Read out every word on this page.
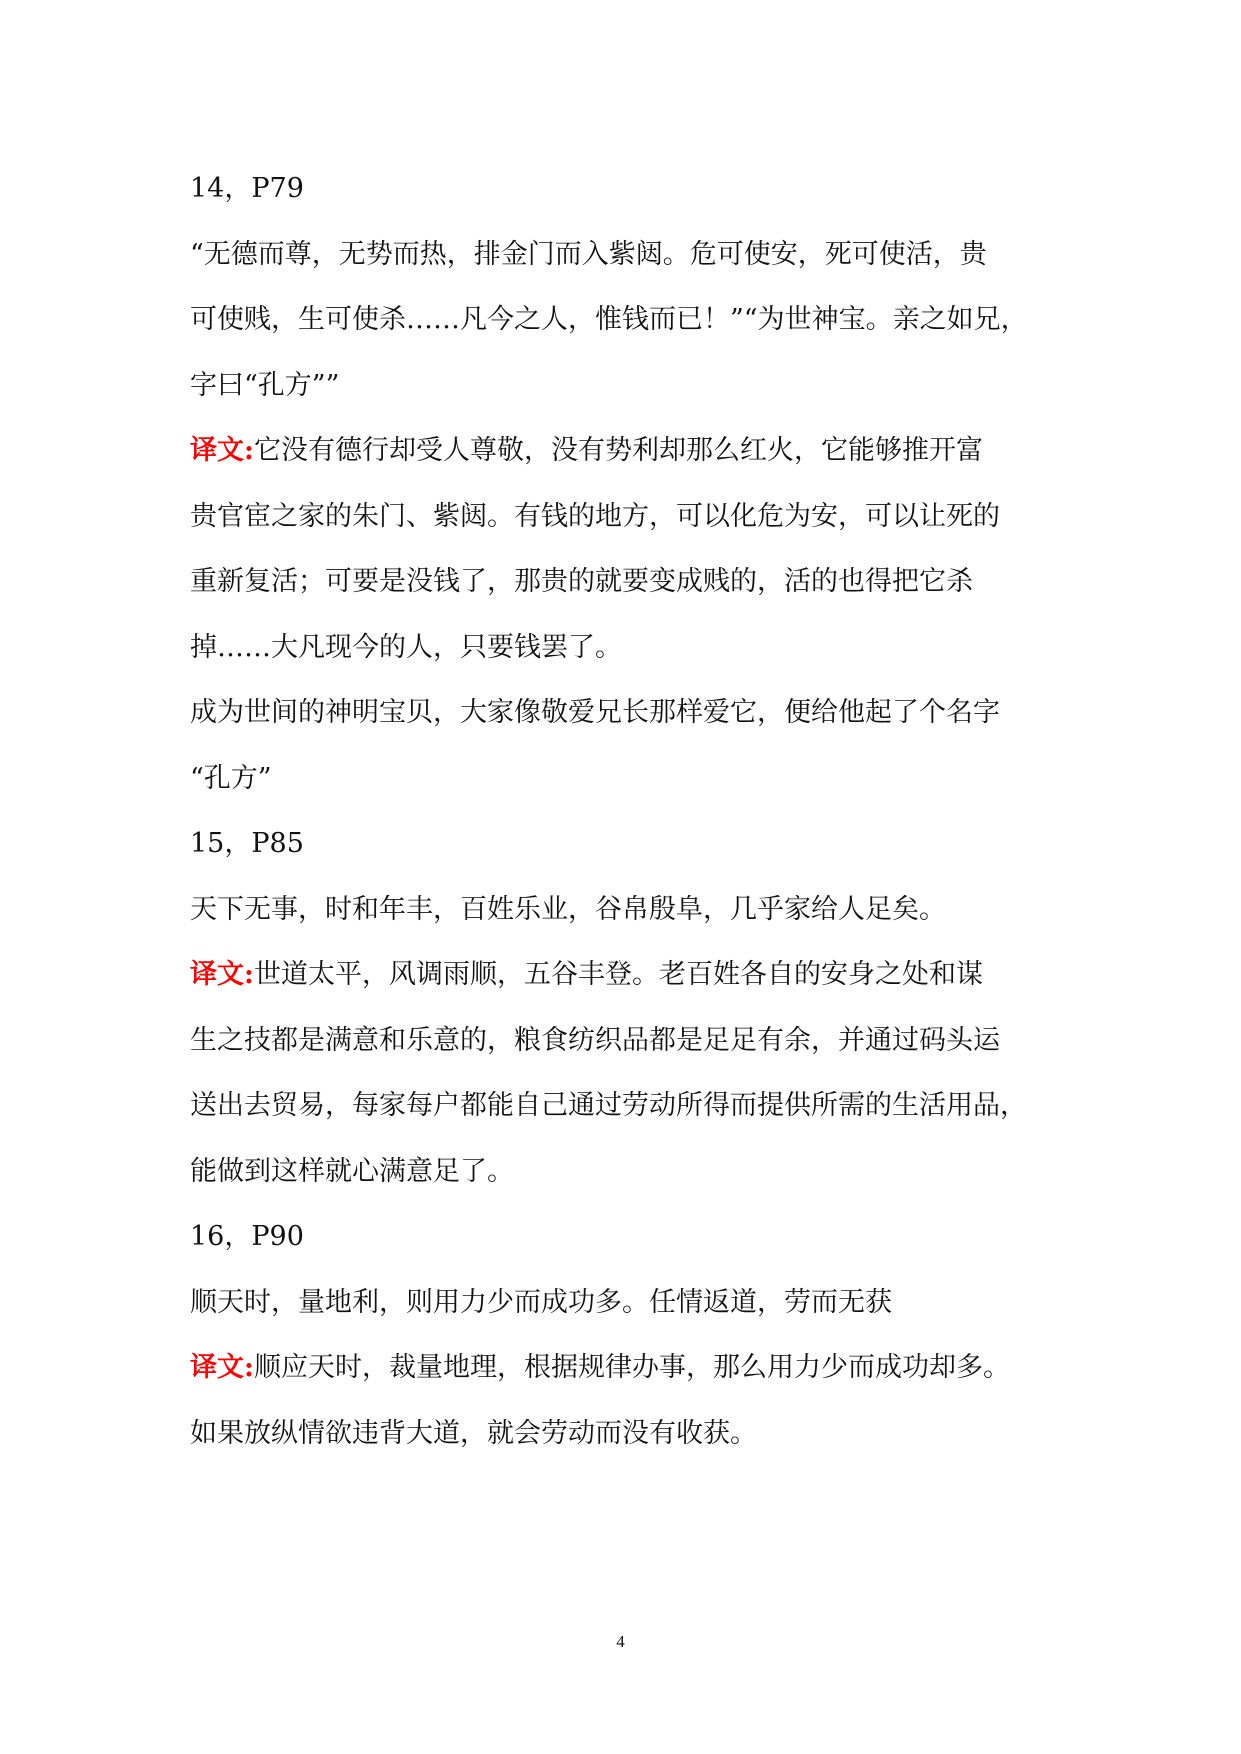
14，P79
“无德而尊，无势而热，排金门而入紫闼。危可使安，死可使活，贵
可使贱，生可使杀……凡今之人，惟钱而已！”“为世神宝。亲之如兄，
字曰“孔方””
译文:它没有德行却受人尊敬，没有势利却那么红火，它能够推开富
贵官宦之家的朱门、紫闼。有钱的地方，可以化危为安，可以让死的
重新复活；可要是没钱了，那贵的就要变成贱的，活的也得把它杀
掉……大凡现今的人，只要钱罢了。
成为世间的神明宝贝，大家像敬爱兄长那样爱它，便给他起了个名字
“孔方”
15，P85
天下无事，时和年丰，百姓乐业，谷帛殷阜，几乎家给人足矣。
译文:世道太平，风调雨顺，五谷丰登。老百姓各自的安身之处和谋
生之技都是满意和乐意的，粮食纺织品都是足足有余，并通过码头运
送出去贸易，每家每户都能自己通过劳动所得而提供所需的生活用品，
能做到这样就心满意足了。
16，P90
顺天时，量地利，则用力少而成功多。任情返道，劳而无获
译文:顺应天时，裁量地理，根据规律办事，那么用力少而成功却多。
如果放纵情欲违背大道，就会劳动而没有收获。
4
